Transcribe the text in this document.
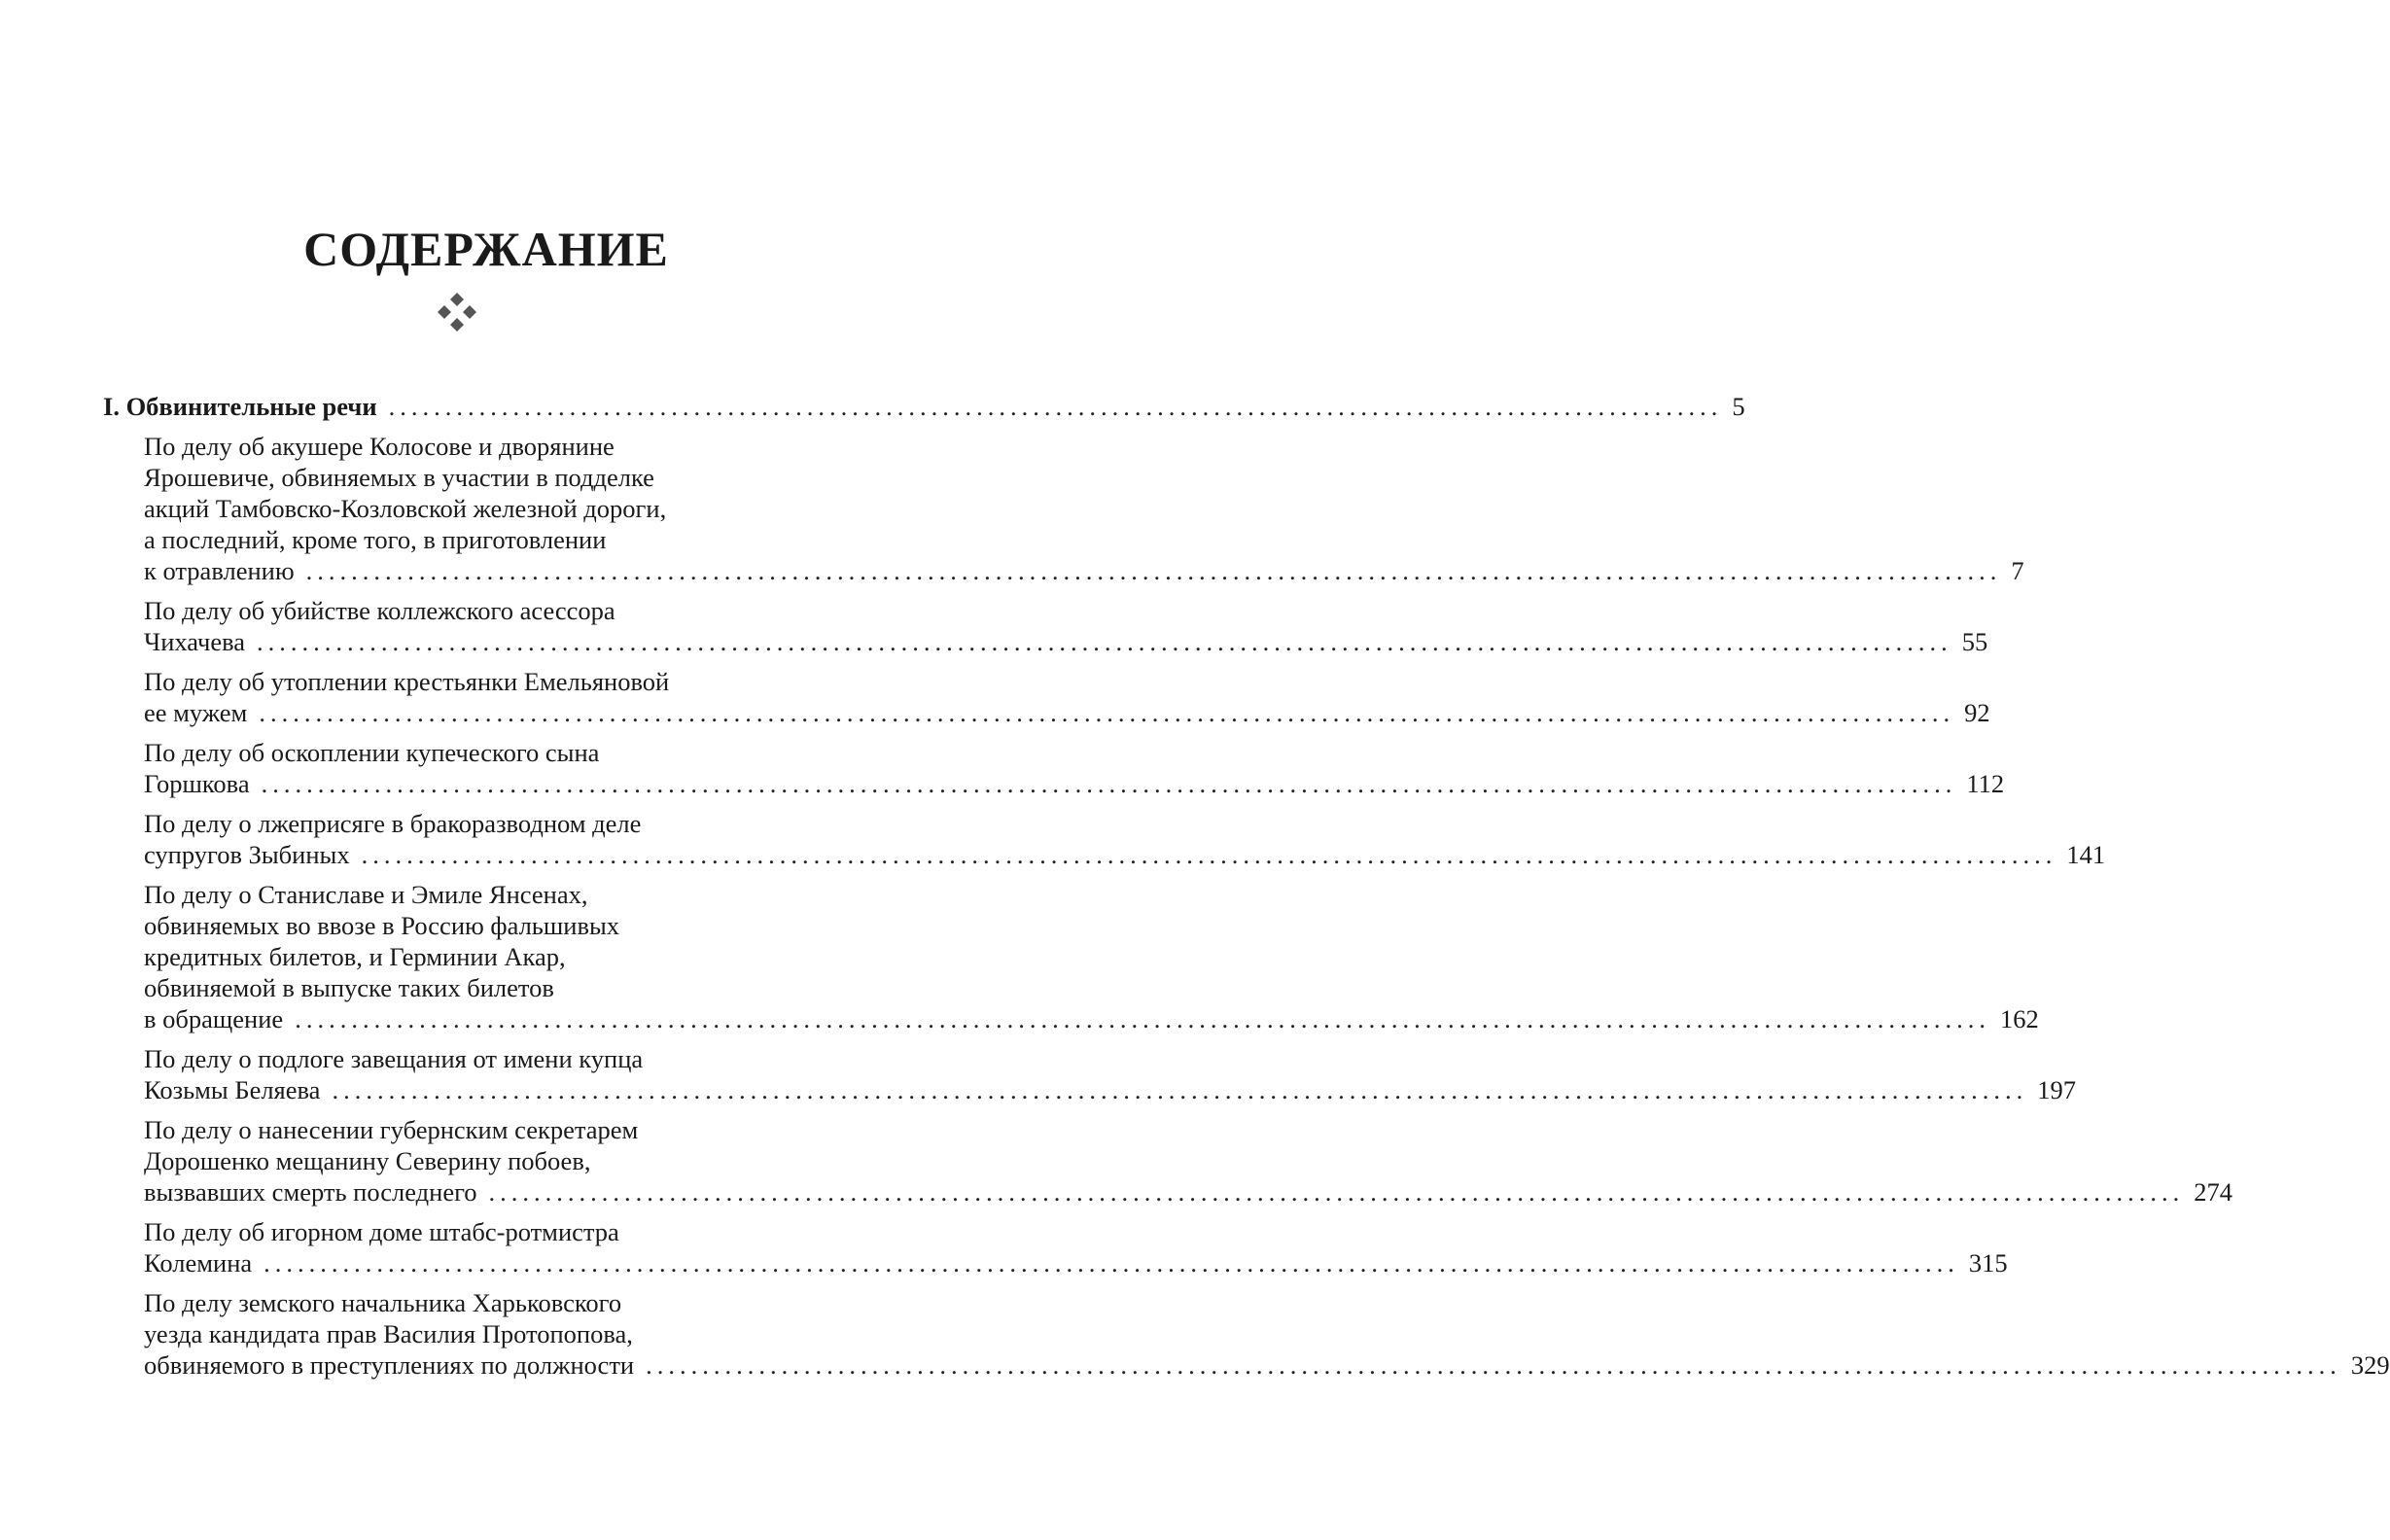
СОДЕРЖАНИЕ
I. Обвинительные речи ...................................................................................................................... 5
По делу об акушере Колосове и дворянине
Ярошевиче, обвиняемых в участии в подделке
акций Тамбовско-Козловской железной дороги,
а последний, кроме того, в приготовлении
к отравлению ...................................................................................................................................................... 7
По делу об убийстве коллежского асессора
Чихачева ...................................................................................................................................................... 55
По делу об утоплении крестьянки Емельяновой
ее мужем ...................................................................................................................................................... 92
По делу об оскоплении купеческого сына
Горшкова ...................................................................................................................................................... 112
По делу о лжеприсяге в бракоразводном деле
супругов Зыбиных ...................................................................................................................................................... 141
По делу о Станиславе и Эмиле Янсенах,
обвиняемых во ввозе в Россию фальшивых
кредитных билетов, и Герминии Акар,
обвиняемой в выпуске таких билетов
в обращение ...................................................................................................................................................... 162
По делу о подлоге завещания от имени купца
Козьмы Беляева ...................................................................................................................................................... 197
По делу о нанесении губернским секретарем
Дорошенко мещанину Северину побоев,
вызвавших смерть последнего ...................................................................................................................................................... 274
По делу об игорном доме штабс-ротмистра
Колемина ...................................................................................................................................................... 315
По делу земского начальника Харьковского
уезда кандидата прав Василия Протопопова,
обвиняемого в преступлениях по должности ...................................................................................................................................................... 329
